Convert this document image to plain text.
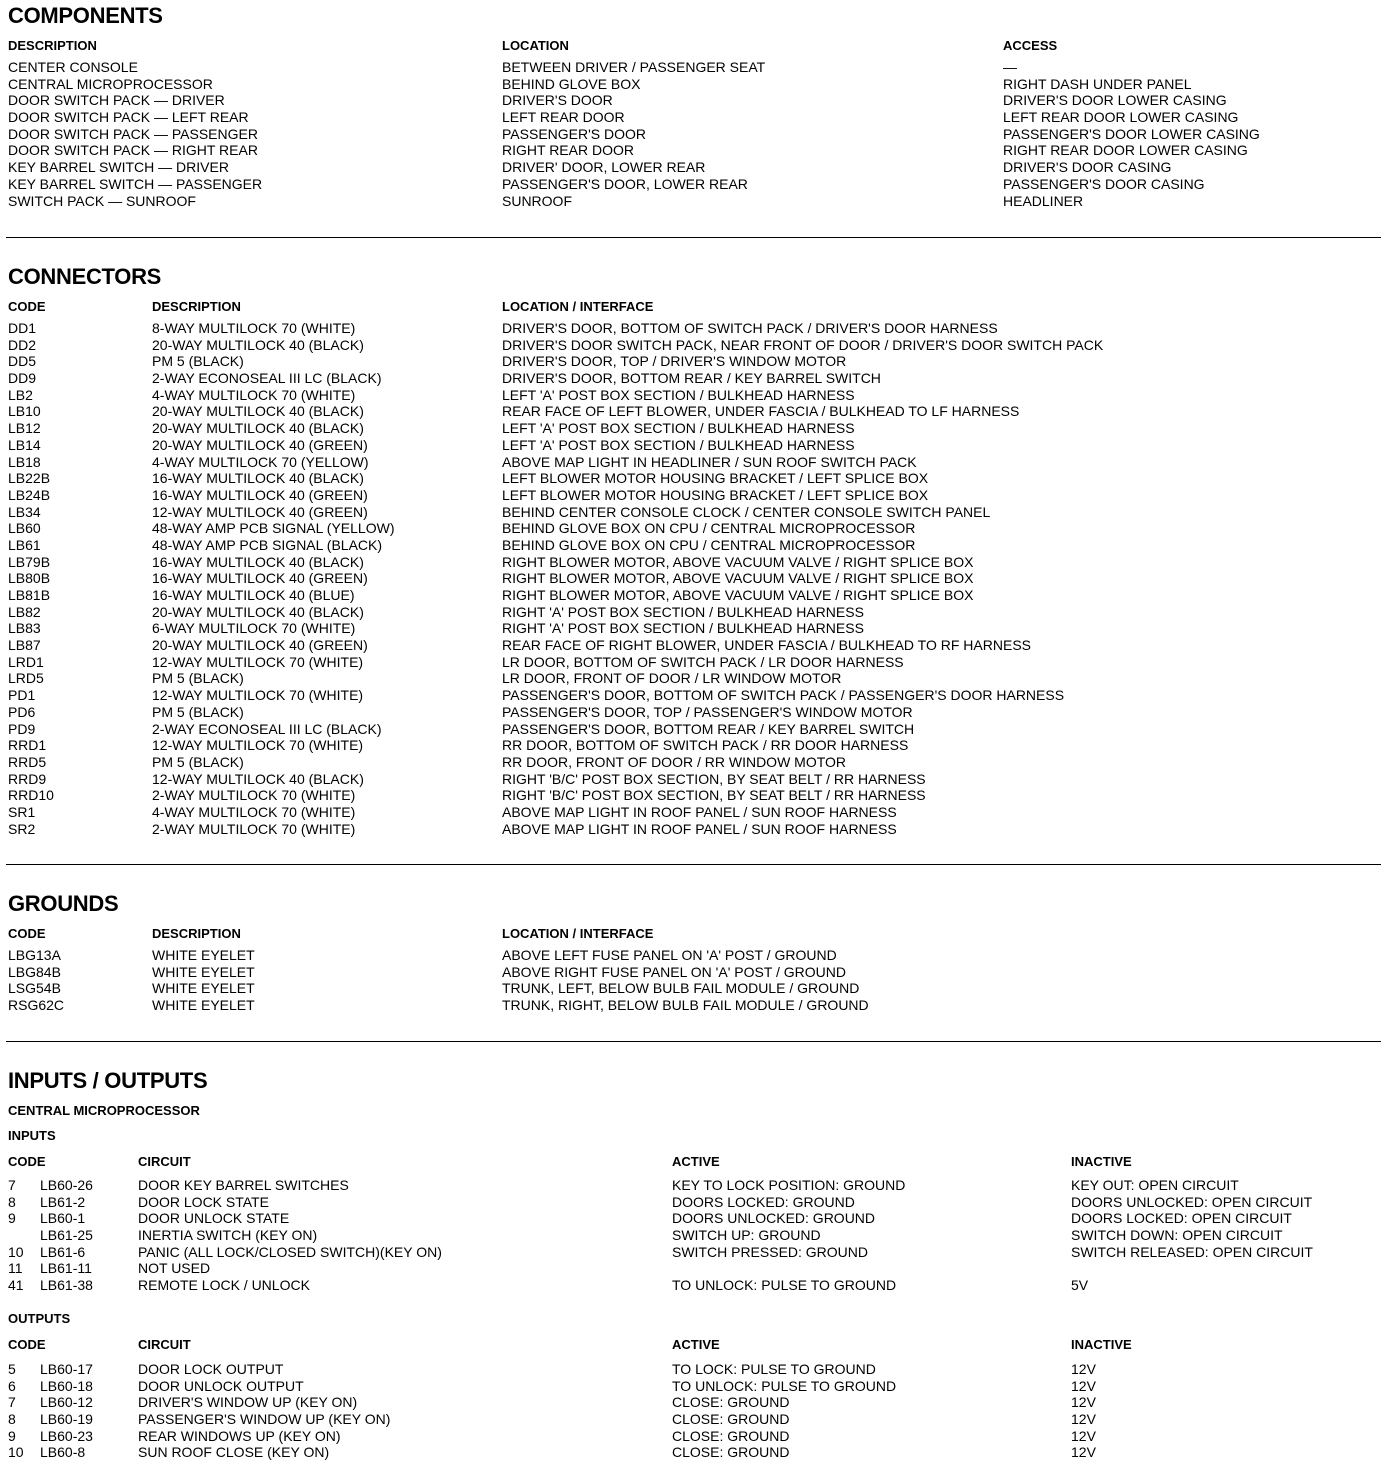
COMPONENTS
DESCRIPTION	LOCATION	ACCESS
CENTER CONSOLE	BETWEEN DRIVER / PASSENGER SEAT	—
CENTRAL MICROPROCESSOR	BEHIND GLOVE BOX	RIGHT DASH UNDER PANEL
DOOR SWITCH PACK — DRIVER	DRIVER'S DOOR	DRIVER'S DOOR LOWER CASING
DOOR SWITCH PACK — LEFT REAR	LEFT REAR DOOR	LEFT REAR DOOR LOWER CASING
DOOR SWITCH PACK — PASSENGER	PASSENGER'S DOOR	PASSENGER'S DOOR LOWER CASING
DOOR SWITCH PACK — RIGHT REAR	RIGHT REAR DOOR	RIGHT REAR DOOR LOWER CASING
KEY BARREL SWITCH — DRIVER	DRIVER' DOOR, LOWER REAR	DRIVER'S DOOR CASING
KEY BARREL SWITCH — PASSENGER	PASSENGER'S DOOR, LOWER REAR	PASSENGER'S DOOR CASING
SWITCH PACK — SUNROOF	SUNROOF	HEADLINER
CONNECTORS
CODE	DESCRIPTION	LOCATION / INTERFACE
DD1	8-WAY MULTILOCK 70 (WHITE)	DRIVER'S DOOR, BOTTOM OF SWITCH PACK / DRIVER'S DOOR HARNESS
DD2	20-WAY MULTILOCK 40 (BLACK)	DRIVER'S DOOR SWITCH PACK, NEAR FRONT OF DOOR / DRIVER'S DOOR SWITCH PACK
DD5	PM 5 (BLACK)	DRIVER'S DOOR, TOP / DRIVER'S WINDOW MOTOR
DD9	2-WAY ECONOSEAL III LC (BLACK)	DRIVER'S DOOR, BOTTOM REAR / KEY BARREL SWITCH
LB2	4-WAY MULTILOCK 70 (WHITE)	LEFT 'A' POST BOX SECTION / BULKHEAD HARNESS
LB10	20-WAY MULTILOCK 40 (BLACK)	REAR FACE OF LEFT BLOWER, UNDER FASCIA / BULKHEAD TO LF HARNESS
LB12	20-WAY MULTILOCK 40 (BLACK)	LEFT 'A' POST BOX SECTION / BULKHEAD HARNESS
LB14	20-WAY MULTILOCK 40 (GREEN)	LEFT 'A' POST BOX SECTION / BULKHEAD HARNESS
LB18	4-WAY MULTILOCK 70 (YELLOW)	ABOVE MAP LIGHT IN HEADLINER / SUN ROOF SWITCH PACK
LB22B	16-WAY MULTILOCK 40 (BLACK)	LEFT BLOWER MOTOR HOUSING BRACKET / LEFT SPLICE BOX
LB24B	16-WAY MULTILOCK 40 (GREEN)	LEFT BLOWER MOTOR HOUSING BRACKET / LEFT SPLICE BOX
LB34	12-WAY MULTILOCK 40 (GREEN)	BEHIND CENTER CONSOLE CLOCK / CENTER CONSOLE SWITCH PANEL
LB60	48-WAY AMP PCB SIGNAL (YELLOW)	BEHIND GLOVE BOX ON CPU / CENTRAL MICROPROCESSOR
LB61	48-WAY AMP PCB SIGNAL (BLACK)	BEHIND GLOVE BOX ON CPU / CENTRAL MICROPROCESSOR
LB79B	16-WAY MULTILOCK 40 (BLACK)	RIGHT BLOWER MOTOR, ABOVE VACUUM VALVE / RIGHT SPLICE BOX
LB80B	16-WAY MULTILOCK 40 (GREEN)	RIGHT BLOWER MOTOR, ABOVE VACUUM VALVE / RIGHT SPLICE BOX
LB81B	16-WAY MULTILOCK 40 (BLUE)	RIGHT BLOWER MOTOR, ABOVE VACUUM VALVE / RIGHT SPLICE BOX
LB82	20-WAY MULTILOCK 40 (BLACK)	RIGHT 'A' POST BOX SECTION / BULKHEAD HARNESS
LB83	6-WAY MULTILOCK 70 (WHITE)	RIGHT 'A' POST BOX SECTION / BULKHEAD HARNESS
LB87	20-WAY MULTILOCK 40 (GREEN)	REAR FACE OF RIGHT BLOWER, UNDER FASCIA / BULKHEAD TO RF HARNESS
LRD1	12-WAY MULTILOCK 70 (WHITE)	LR DOOR, BOTTOM OF SWITCH PACK / LR DOOR HARNESS
LRD5	PM 5 (BLACK)	LR DOOR, FRONT OF DOOR / LR WINDOW MOTOR
PD1	12-WAY MULTILOCK 70 (WHITE)	PASSENGER'S DOOR, BOTTOM OF SWITCH PACK / PASSENGER'S DOOR HARNESS
PD6	PM 5 (BLACK)	PASSENGER'S DOOR, TOP / PASSENGER'S WINDOW MOTOR
PD9	2-WAY ECONOSEAL III LC (BLACK)	PASSENGER'S DOOR, BOTTOM REAR / KEY BARREL SWITCH
RRD1	12-WAY MULTILOCK 70 (WHITE)	RR DOOR, BOTTOM OF SWITCH PACK / RR DOOR HARNESS
RRD5	PM 5 (BLACK)	RR DOOR, FRONT OF DOOR / RR WINDOW MOTOR
RRD9	12-WAY MULTILOCK 40 (BLACK)	RIGHT 'B/C' POST BOX SECTION, BY SEAT BELT / RR HARNESS
RRD10	2-WAY MULTILOCK 70 (WHITE)	RIGHT 'B/C' POST BOX SECTION, BY SEAT BELT / RR HARNESS
SR1	4-WAY MULTILOCK 70 (WHITE)	ABOVE MAP LIGHT IN ROOF PANEL / SUN ROOF HARNESS
SR2	2-WAY MULTILOCK 70 (WHITE)	ABOVE MAP LIGHT IN ROOF PANEL / SUN ROOF HARNESS
GROUNDS
CODE	DESCRIPTION	LOCATION / INTERFACE
LBG13A	WHITE EYELET	ABOVE LEFT FUSE PANEL ON 'A' POST / GROUND
LBG84B	WHITE EYELET	ABOVE RIGHT FUSE PANEL ON 'A' POST / GROUND
LSG54B	WHITE EYELET	TRUNK, LEFT, BELOW BULB FAIL MODULE / GROUND
RSG62C	WHITE EYELET	TRUNK, RIGHT, BELOW BULB FAIL MODULE / GROUND
INPUTS / OUTPUTS
CENTRAL MICROPROCESSOR
INPUTS
CODE	CIRCUIT	ACTIVE	INACTIVE
7 LB60-26	DOOR KEY BARREL SWITCHES	KEY TO LOCK POSITION: GROUND	KEY OUT: OPEN CIRCUIT
8 LB61-2	DOOR LOCK STATE	DOORS LOCKED: GROUND	DOORS UNLOCKED: OPEN CIRCUIT
9 LB60-1	DOOR UNLOCK STATE	DOORS UNLOCKED: GROUND	DOORS LOCKED: OPEN CIRCUIT
LB61-25	INERTIA SWITCH (KEY ON)	SWITCH UP: GROUND	SWITCH DOWN: OPEN CIRCUIT
10 LB61-6	PANIC (ALL LOCK/CLOSED SWITCH)(KEY ON)	SWITCH PRESSED: GROUND	SWITCH RELEASED: OPEN CIRCUIT
11 LB61-11	NOT USED
41 LB61-38	REMOTE LOCK / UNLOCK	TO UNLOCK: PULSE TO GROUND	5V
OUTPUTS
CODE	CIRCUIT	ACTIVE	INACTIVE
5 LB60-17	DOOR LOCK OUTPUT	TO LOCK: PULSE TO GROUND	12V
6 LB60-18	DOOR UNLOCK OUTPUT	TO UNLOCK: PULSE TO GROUND	12V
7 LB60-12	DRIVER'S WINDOW UP (KEY ON)	CLOSE: GROUND	12V
8 LB60-19	PASSENGER'S WINDOW UP (KEY ON)	CLOSE: GROUND	12V
9 LB60-23	REAR WINDOWS UP (KEY ON)	CLOSE: GROUND	12V
10 LB60-8	SUN ROOF CLOSE (KEY ON)	CLOSE: GROUND	12V
